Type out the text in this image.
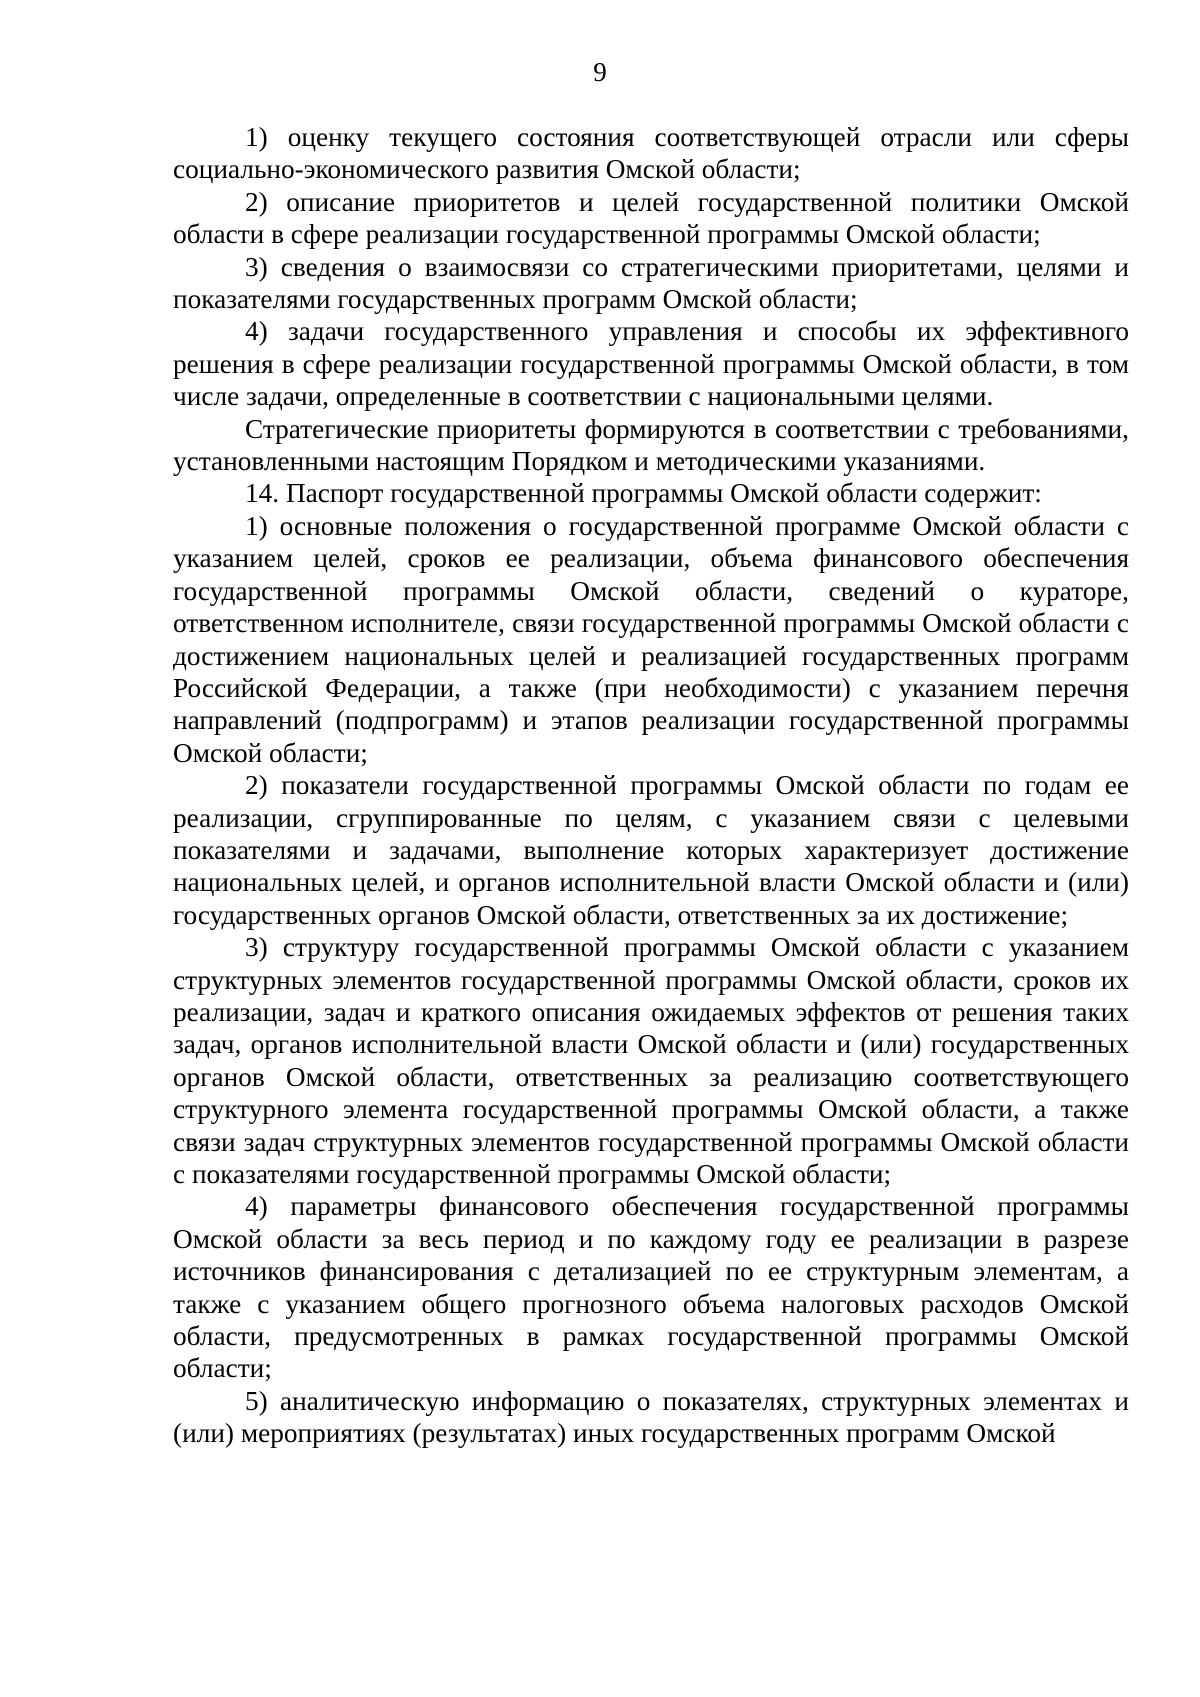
9

1) оценку текущего состояния соответствующей отрасли или сферы социально-экономического развития Омской области;

2) описание приоритетов и целей государственной политики Омской области в сфере реализации государственной программы Омской области;

3) сведения о взаимосвязи со стратегическими приоритетами, целями и показателями государственных программ Омской области;

4) задачи государственного управления и способы их эффективного решения в сфере реализации государственной программы Омской области, в том числе задачи, определенные в соответствии с национальными целями.

Стратегические приоритеты формируются в соответствии с требованиями, установленными настоящим Порядком и методическими указаниями.

14. Паспорт государственной программы Омской области содержит:

1) основные положения о государственной программе Омской области с указанием целей, сроков ее реализации, объема финансового обеспечения государственной программы Омской области, сведений о кураторе, ответственном исполнителе, связи государственной программы Омской области с достижением национальных целей и реализацией государственных программ Российской Федерации, а также (при необходимости) с указанием перечня направлений (подпрограмм) и этапов реализации государственной программы Омской области;

2) показатели государственной программы Омской области по годам ее реализации, сгруппированные по целям, с указанием связи с целевыми показателями и задачами, выполнение которых характеризует достижение национальных целей, и органов исполнительной власти Омской области и (или) государственных органов Омской области, ответственных за их достижение;

3) структуру государственной программы Омской области с указанием структурных элементов государственной программы Омской области, сроков их реализации, задач и краткого описания ожидаемых эффектов от решения таких задач, органов исполнительной власти Омской области и (или) государственных органов Омской области, ответственных за реализацию соответствующего структурного элемента государственной программы Омской области, а также связи задач структурных элементов государственной программы Омской области с показателями государственной программы Омской области;

4) параметры финансового обеспечения государственной программы Омской области за весь период и по каждому году ее реализации в разрезе источников финансирования с детализацией по ее структурным элементам, а также с указанием общего прогнозного объема налоговых расходов Омской области, предусмотренных в рамках государственной программы Омской области;

5) аналитическую информацию о показателях, структурных элементах и (или) мероприятиях (результатах) иных государственных программ Омской
